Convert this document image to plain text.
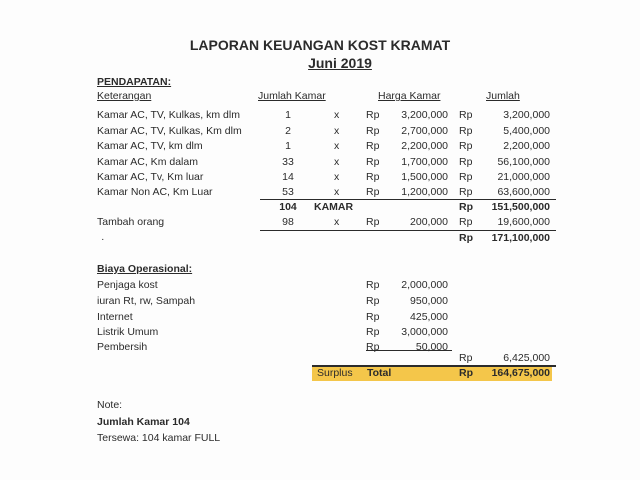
LAPORAN KEUANGAN KOST KRAMAT
Juni 2019
PENDAPATAN:
Keterangan	Jumlah Kamar	Harga Kamar	Jumlah
Kamar AC, TV, Kulkas, km dlm	1	x	Rp	3,200,000 Rp	3,200,000
Kamar AC, TV, Kulkas, Km dlm	2	x	Rp	2,700,000 Rp	5,400,000
Kamar AC, TV, km dlm	1	x	Rp	2,200,000 Rp	2,200,000
Kamar AC, Km dalam	33	x	Rp	1,700,000 Rp	56,100,000
Kamar AC, Tv, Km luar	14	x	Rp	1,500,000 Rp	21,000,000
Kamar Non AC, Km Luar	53	x	Rp	1,200,000 Rp	63,600,000
104	KAMAR	Rp	151,500,000
Tambah orang	98	x	Rp	200,000 Rp	19,600,000
·	Rp	171,100,000
Biaya Operasional:
Penjaga kost	Rp	2,000,000
iuran Rt, rw, Sampah	Rp	950,000
Internet	Rp	425,000
Listrik Umum	Rp	3,000,000
Pembersih	Rp	50,000
Rp	6,425,000
Surplus Total	Rp	164,675,000
Note:
Jumlah Kamar 104
Tersewa: 104 kamar FULL
